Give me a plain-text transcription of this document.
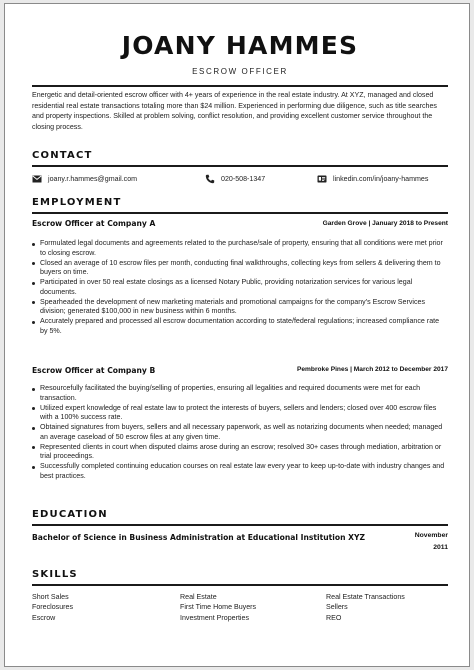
JOANY HAMMES
ESCROW OFFICER

Energetic and detail-oriented escrow officer with 4+ years of experience in the real estate industry. At XYZ, managed and closed residential real estate transactions totaling more than $24 million. Experienced in performing due diligence, such as title searches and property inspections. Skilled at problem solving, conflict resolution, and providing excellent customer service throughout the closing process.

CONTACT
joany.r.hammes@gmail.com	020-508-1347	linkedin.com/in/joany-hammes
EMPLOYMENT
Escrow Officer at Company A	Garden Grove | January 2018 to Present
Formulated legal documents and agreements related to the purchase/sale of property, ensuring that all conditions were met prior to closing escrow.
Closed an average of 10 escrow files per month, conducting final walkthroughs, collecting keys from sellers & delivering them to buyers on time.
Participated in over 50 real estate closings as a licensed Notary Public, providing notarization services for various legal documents.
Spearheaded the development of new marketing materials and promotional campaigns for the company's Escrow Services division; generated $100,000 in new business within 6 months.
Accurately prepared and processed all escrow documentation according to state/federal regulations; increased compliance rate by 5%.
Escrow Officer at Company B	Pembroke Pines | March 2012 to December 2017
Resourcefully facilitated the buying/selling of properties, ensuring all legalities and required documents were met for each transaction.
Utilized expert knowledge of real estate law to protect the interests of buyers, sellers and lenders; closed over 400 escrow files with a 100% success rate.
Obtained signatures from buyers, sellers and all necessary paperwork, as well as notarizing documents when needed; managed an average caseload of 50 escrow files at any given time.
Represented clients in court when disputed claims arose during an escrow; resolved 30+ cases through mediation, arbitration or trial proceedings.
Successfully completed continuing education courses on real estate law every year to keep up-to-date with industry changes and best practices.
EDUCATION
Bachelor of Science in Business Administration at Educational Institution XYZ	November
2011
SKILLS
Short Sales
Foreclosures
Escrow
Real Estate
First Time Home Buyers
Investment Properties
Real Estate Transactions
Sellers
REO
